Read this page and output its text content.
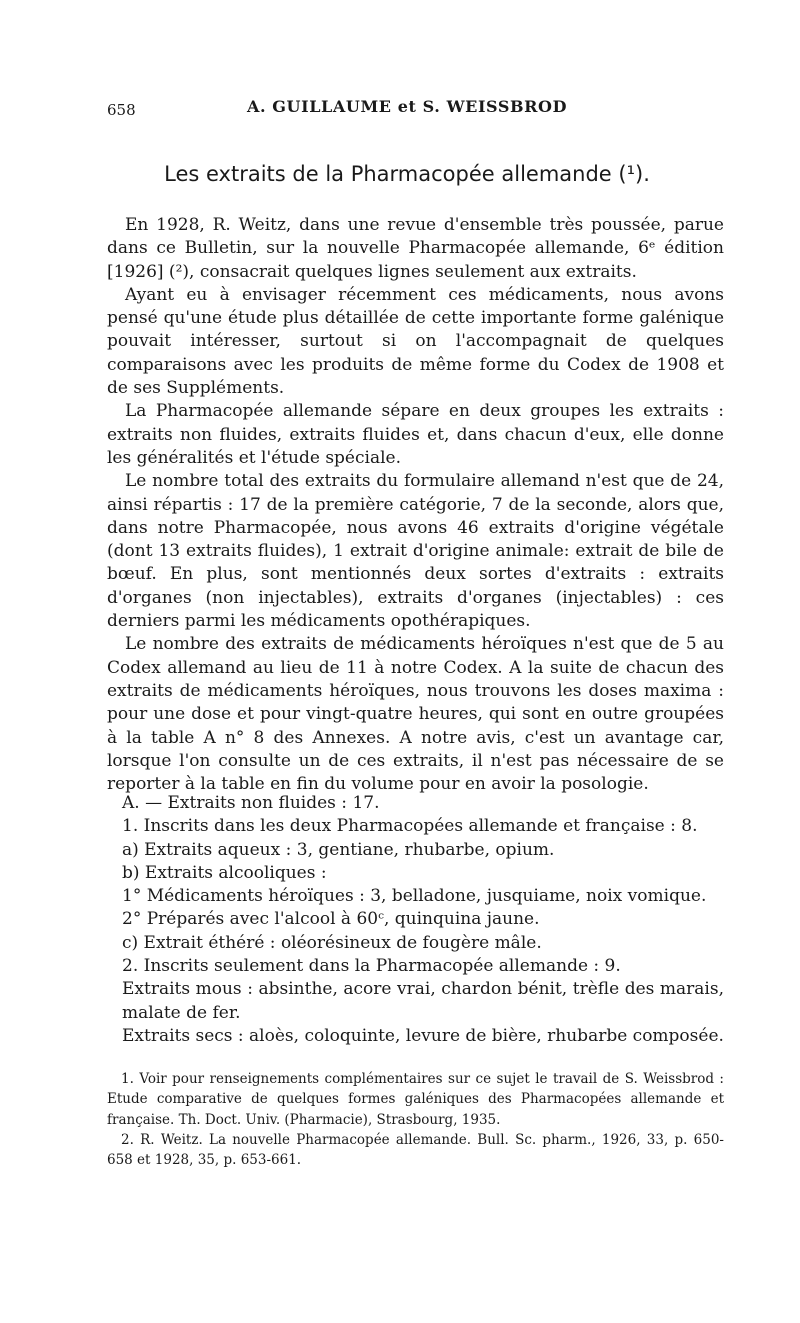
658	A. GUILLAUME et S. WEISSBROD
Les extraits de la Pharmacopée allemande (¹).

En 1928, R. Weitz, dans une revue d'ensemble très poussée, parue dans ce Bulletin, sur la nouvelle Pharmacopée allemande, 6ᵉ édition [1926] (²), consacrait quelques lignes seulement aux extraits.

Ayant eu à envisager récemment ces médicaments, nous avons pensé qu'une étude plus détaillée de cette importante forme galénique pouvait intéresser, surtout si on l'accompagnait de quelques comparaisons avec les produits de même forme du Codex de 1908 et de ses Suppléments.

La Pharmacopée allemande sépare en deux groupes les extraits : extraits non fluides, extraits fluides et, dans chacun d'eux, elle donne les généralités et l'étude spéciale.

Le nombre total des extraits du formulaire allemand n'est que de 24, ainsi répartis : 17 de la première catégorie, 7 de la seconde, alors que, dans notre Pharmacopée, nous avons 46 extraits d'origine végétale (dont 13 extraits fluides), 1 extrait d'origine animale: extrait de bile de bœuf. En plus, sont mentionnés deux sortes d'extraits : extraits d'organes (non injectables), extraits d'organes (injectables) : ces derniers parmi les médicaments opothérapiques.

Le nombre des extraits de médicaments héroïques n'est que de 5 au Codex allemand au lieu de 11 à notre Codex. A la suite de chacun des extraits de médicaments héroïques, nous trouvons les doses maxima : pour une dose et pour vingt-quatre heures, qui sont en outre groupées à la table A n° 8 des Annexes. A notre avis, c'est un avantage car, lorsque l'on consulte un de ces extraits, il n'est pas nécessaire de se reporter à la table en fin du volume pour en avoir la posologie.

A. — Extraits non fluides : 17.

1. Inscrits dans les deux Pharmacopées allemande et française : 8.

a) Extraits aqueux : 3, gentiane, rhubarbe, opium.

b) Extraits alcooliques :

1° Médicaments héroïques : 3, belladone, jusquiame, noix vomique.

2° Préparés avec l'alcool à 60ᶜ, quinquina jaune.

c) Extrait éthéré : oléorésineux de fougère mâle.

2. Inscrits seulement dans la Pharmacopée allemande : 9.

Extraits mous : absinthe, acore vrai, chardon bénit, trèfle des marais, malate de fer.

Extraits secs : aloès, coloquinte, levure de bière, rhubarbe composée.

1. Voir pour renseignements complémentaires sur ce sujet le travail de S. Weissbrod : Etude comparative de quelques formes galéniques des Pharmacopées allemande et française. Th. Doct. Univ. (Pharmacie), Strasbourg, 1935.

2. R. Weitz. La nouvelle Pharmacopée allemande. Bull. Sc. pharm., 1926, 33, p. 650-658 et 1928, 35, p. 653-661.
